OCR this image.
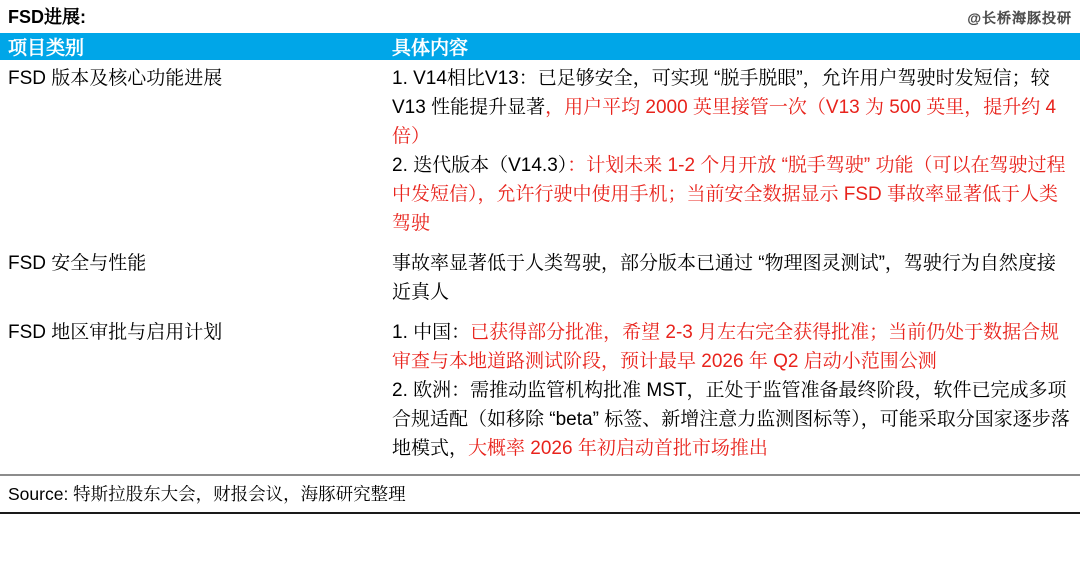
FSD进展:	@长桥海豚投研
项目类别	具体内容
FSD 版本及核心功能进展	1. V14相比V13：已足够安全，可实现 “脱手脱眼”，允许用户驾驶时发短信；较 V13 性能提升显著，用户平均 2000 英里接管一次（V13 为 500 英里，提升约 4 倍）

2. 迭代版本（V14.3）：计划未来 1-2 个月开放 “脱手驾驶” 功能（可以在驾驶过程中发短信），允许行驶中使用手机；当前安全数据显示 FSD 事故率显著低于人类驾驶

FSD 安全与性能	事故率显著低于人类驾驶，部分版本已通过 “物理图灵测试”，驾驶行为自然度接近真人

FSD 地区审批与启用计划	1. 中国：已获得部分批准，希望 2-3 月左右完全获得批准；当前仍处于数据合规审查与本地道路测试阶段，预计最早 2026 年 Q2 启动小范围公测

2. 欧洲：需推动监管机构批准 MST，正处于监管准备最终阶段，软件已完成多项合规适配（如移除 “beta” 标签、新增注意力监测图标等），可能采取分国家逐步落地模式，大概率 2026 年初启动首批市场推出

Source: 特斯拉股东大会，财报会议，海豚研究整理
